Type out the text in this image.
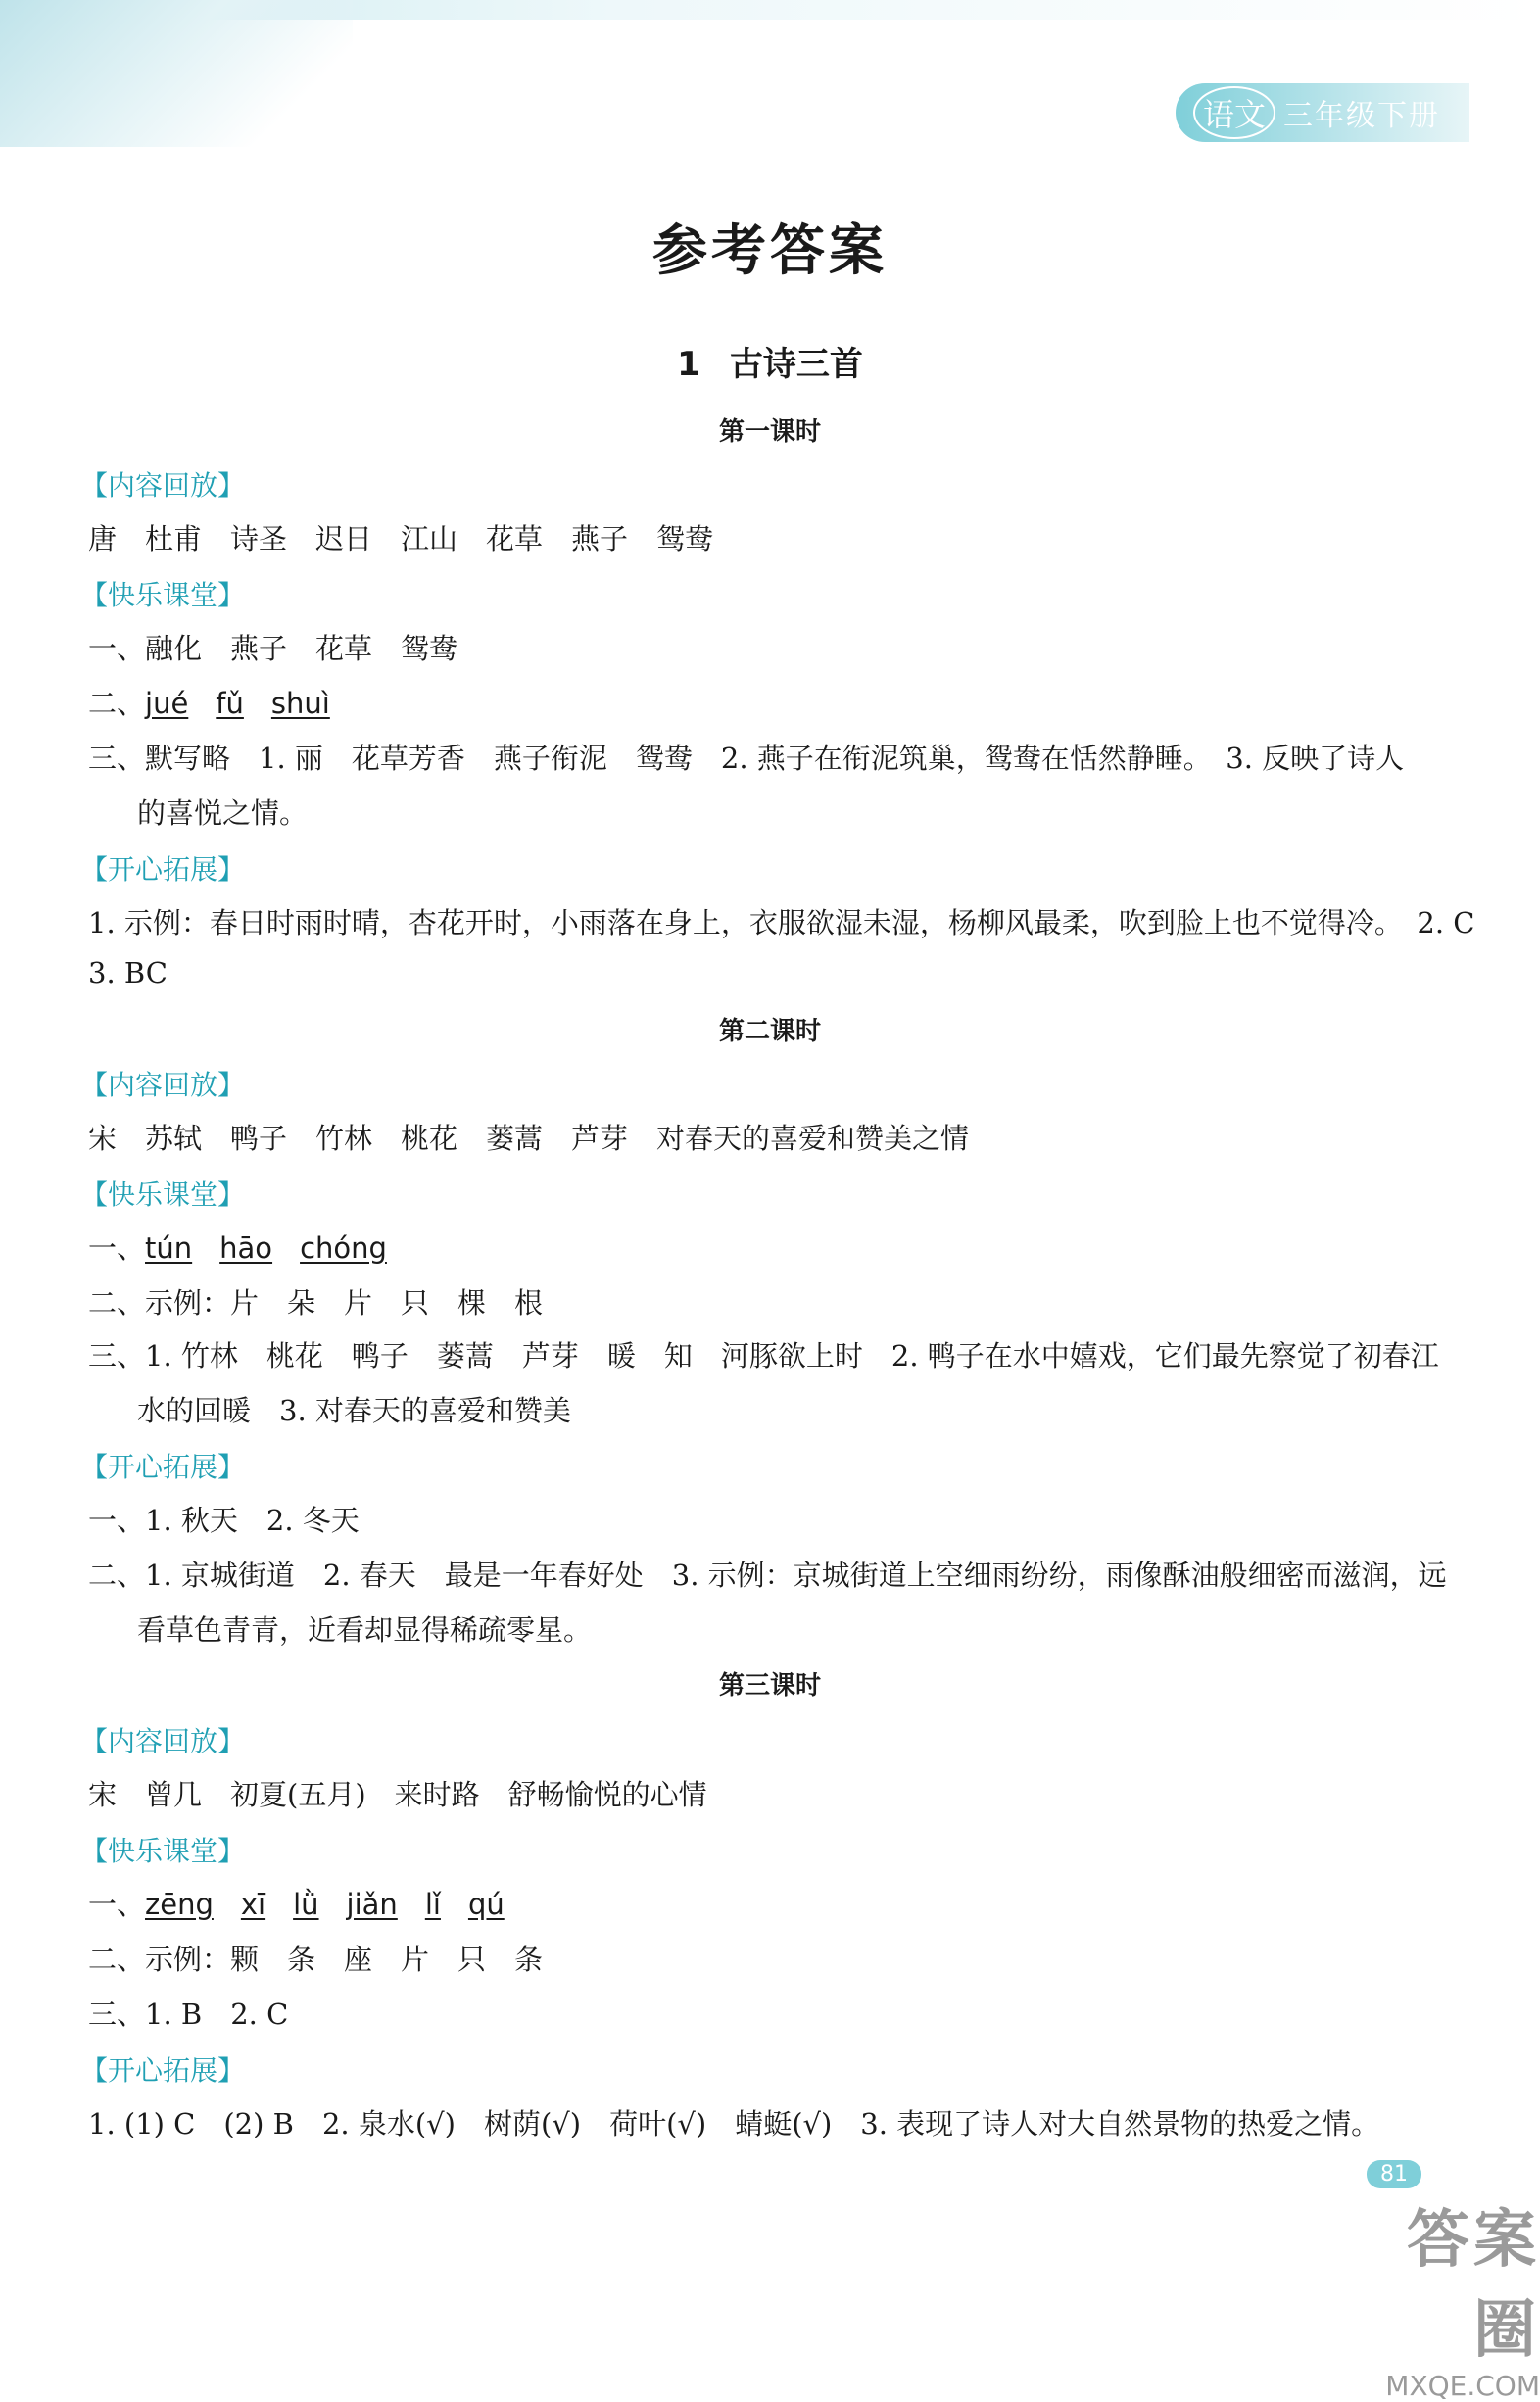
语文 三年级下册
参考答案
1 古诗三首
第一课时
【内容回放】
唐　杜甫　诗圣　迟日　江山　花草　燕子　鸳鸯
【快乐课堂】
一、融化　燕子　花草　鸳鸯
二、jué fǔ shuì
三、默写略　1. 丽　花草芳香　燕子衔泥　鸳鸯　2. 燕子在衔泥筑巢，鸳鸯在恬然静睡。　3. 反映了诗人
的喜悦之情。
【开心拓展】
1. 示例：春日时雨时晴，杏花开时，小雨落在身上，衣服欲湿未湿，杨柳风最柔，吹到脸上也不觉得冷。　2. C
3. BC
第二课时
【内容回放】
宋　苏轼　鸭子　竹林　桃花　蒌蒿　芦芽　对春天的喜爱和赞美之情
【快乐课堂】
一、tún hāo chóng
二、示例：片　朵　片　只　棵　根
三、1. 竹林　桃花　鸭子　蒌蒿　芦芽　暖　知　河豚欲上时　2. 鸭子在水中嬉戏，它们最先察觉了初春江
水的回暖　3. 对春天的喜爱和赞美
【开心拓展】
一、1. 秋天　2. 冬天
二、1. 京城街道　2. 春天　最是一年春好处　3. 示例：京城街道上空细雨纷纷，雨像酥油般细密而滋润，远
看草色青青，近看却显得稀疏零星。
第三课时
【内容回放】
宋　曾几　初夏(五月)　来时路　舒畅愉悦的心情
【快乐课堂】
一、zēng xī lǜ jiǎn lǐ qú
二、示例：颗　条　座　片　只　条
三、1. B　2. C
【开心拓展】
1. (1) C　(2) B　2. 泉水(√)　树荫(√)　荷叶(√)　蜻蜓(√)　3. 表现了诗人对大自然景物的热爱之情。
81
答案圈
MXQE.COM
